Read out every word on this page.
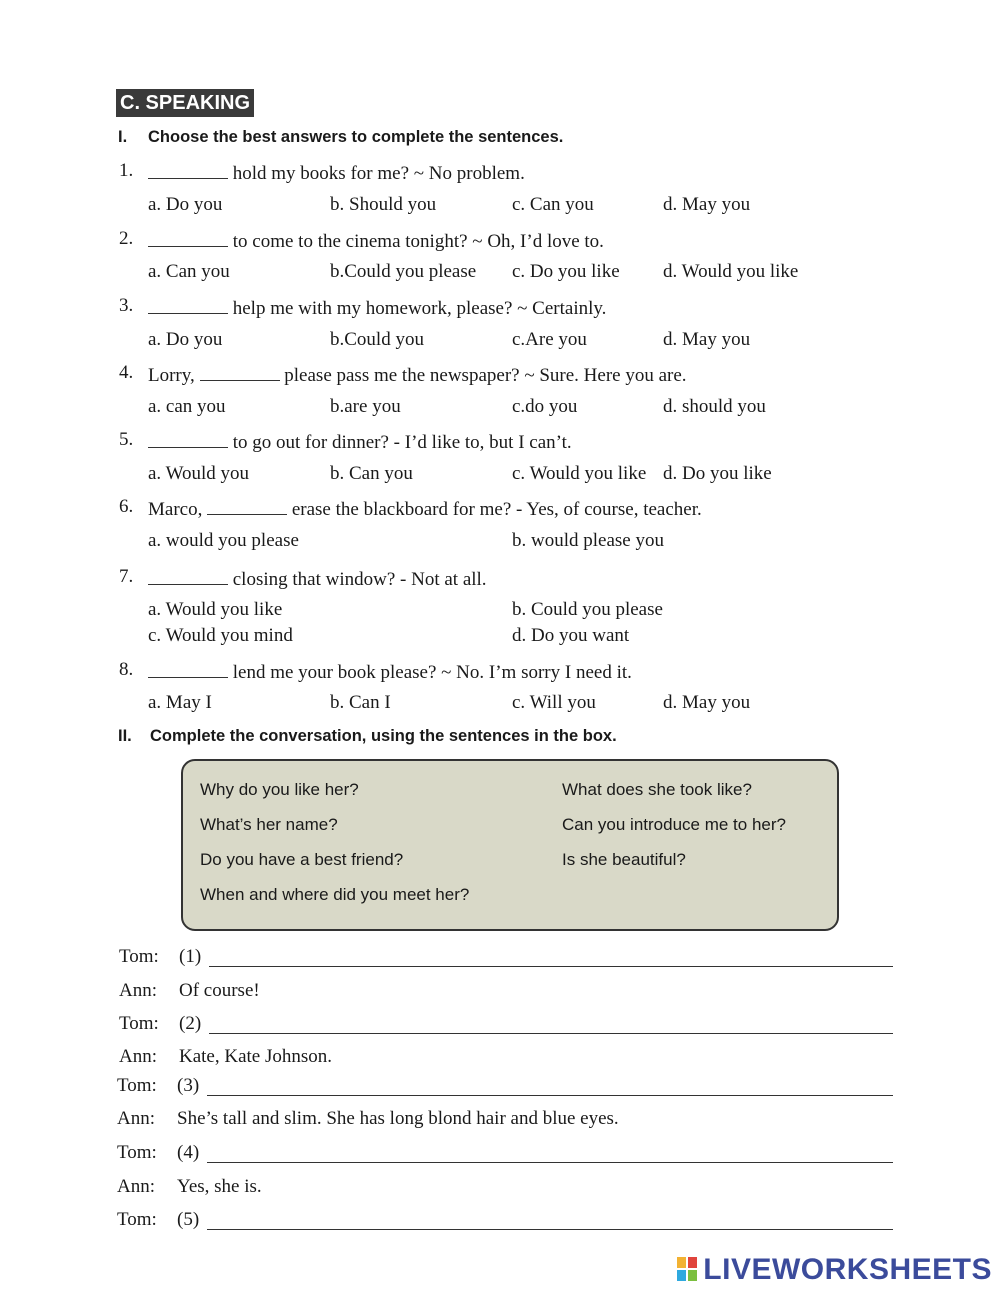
C. SPEAKING
I. Choose the best answers to complete the sentences.
1.	hold my books for me? ~ No problem.
a. Do you	b. Should you	c. Can you	d. May you
2.	to come to the cinema tonight? ~ Oh, I’d love to.
a. Can you	b.Could you please c. Do you like d. Would you like
3.	help me with my homework, please? ~ Certainly.
a. Do you	b.Could you	c.Are you	d. May you
4. Lorry,	please pass me the newspaper? ~ Sure. Here you are.
a. can you	b.are you	c.do you	d. should you
5.	to go out for dinner? - I’d like to, but I can’t.
a. Would you	b. Can you	c. Would you like d. Do you like
6. Marco,	erase the blackboard for me? - Yes, of course, teacher.
a. would you please	b. would please you
7.	closing that window? - Not at all.
a. Would you like	b. Could you please
c. Would you mind	d. Do you want
8.	lend me your book please? ~ No. I’m sorry I need it.
a. May I	b. Can I	c. Will you	d. May you
II. Complete the conversation, using the sentences in the box.
Why do you like her?	What does she took like?
What’s her name?	Can you introduce me to her?
Do you have a best friend?	Is she beautiful?
When and where did you meet her?
Tom: (1)
Ann: Of course!
Tom: (2)
Ann: Kate, Kate Johnson.
Tom: (3)
Ann: She’s tall and slim. She has long blond hair and blue eyes.
Tom: (4)
Ann: Yes, she is.
Tom: (5)
LIVEWORKSHEETS
